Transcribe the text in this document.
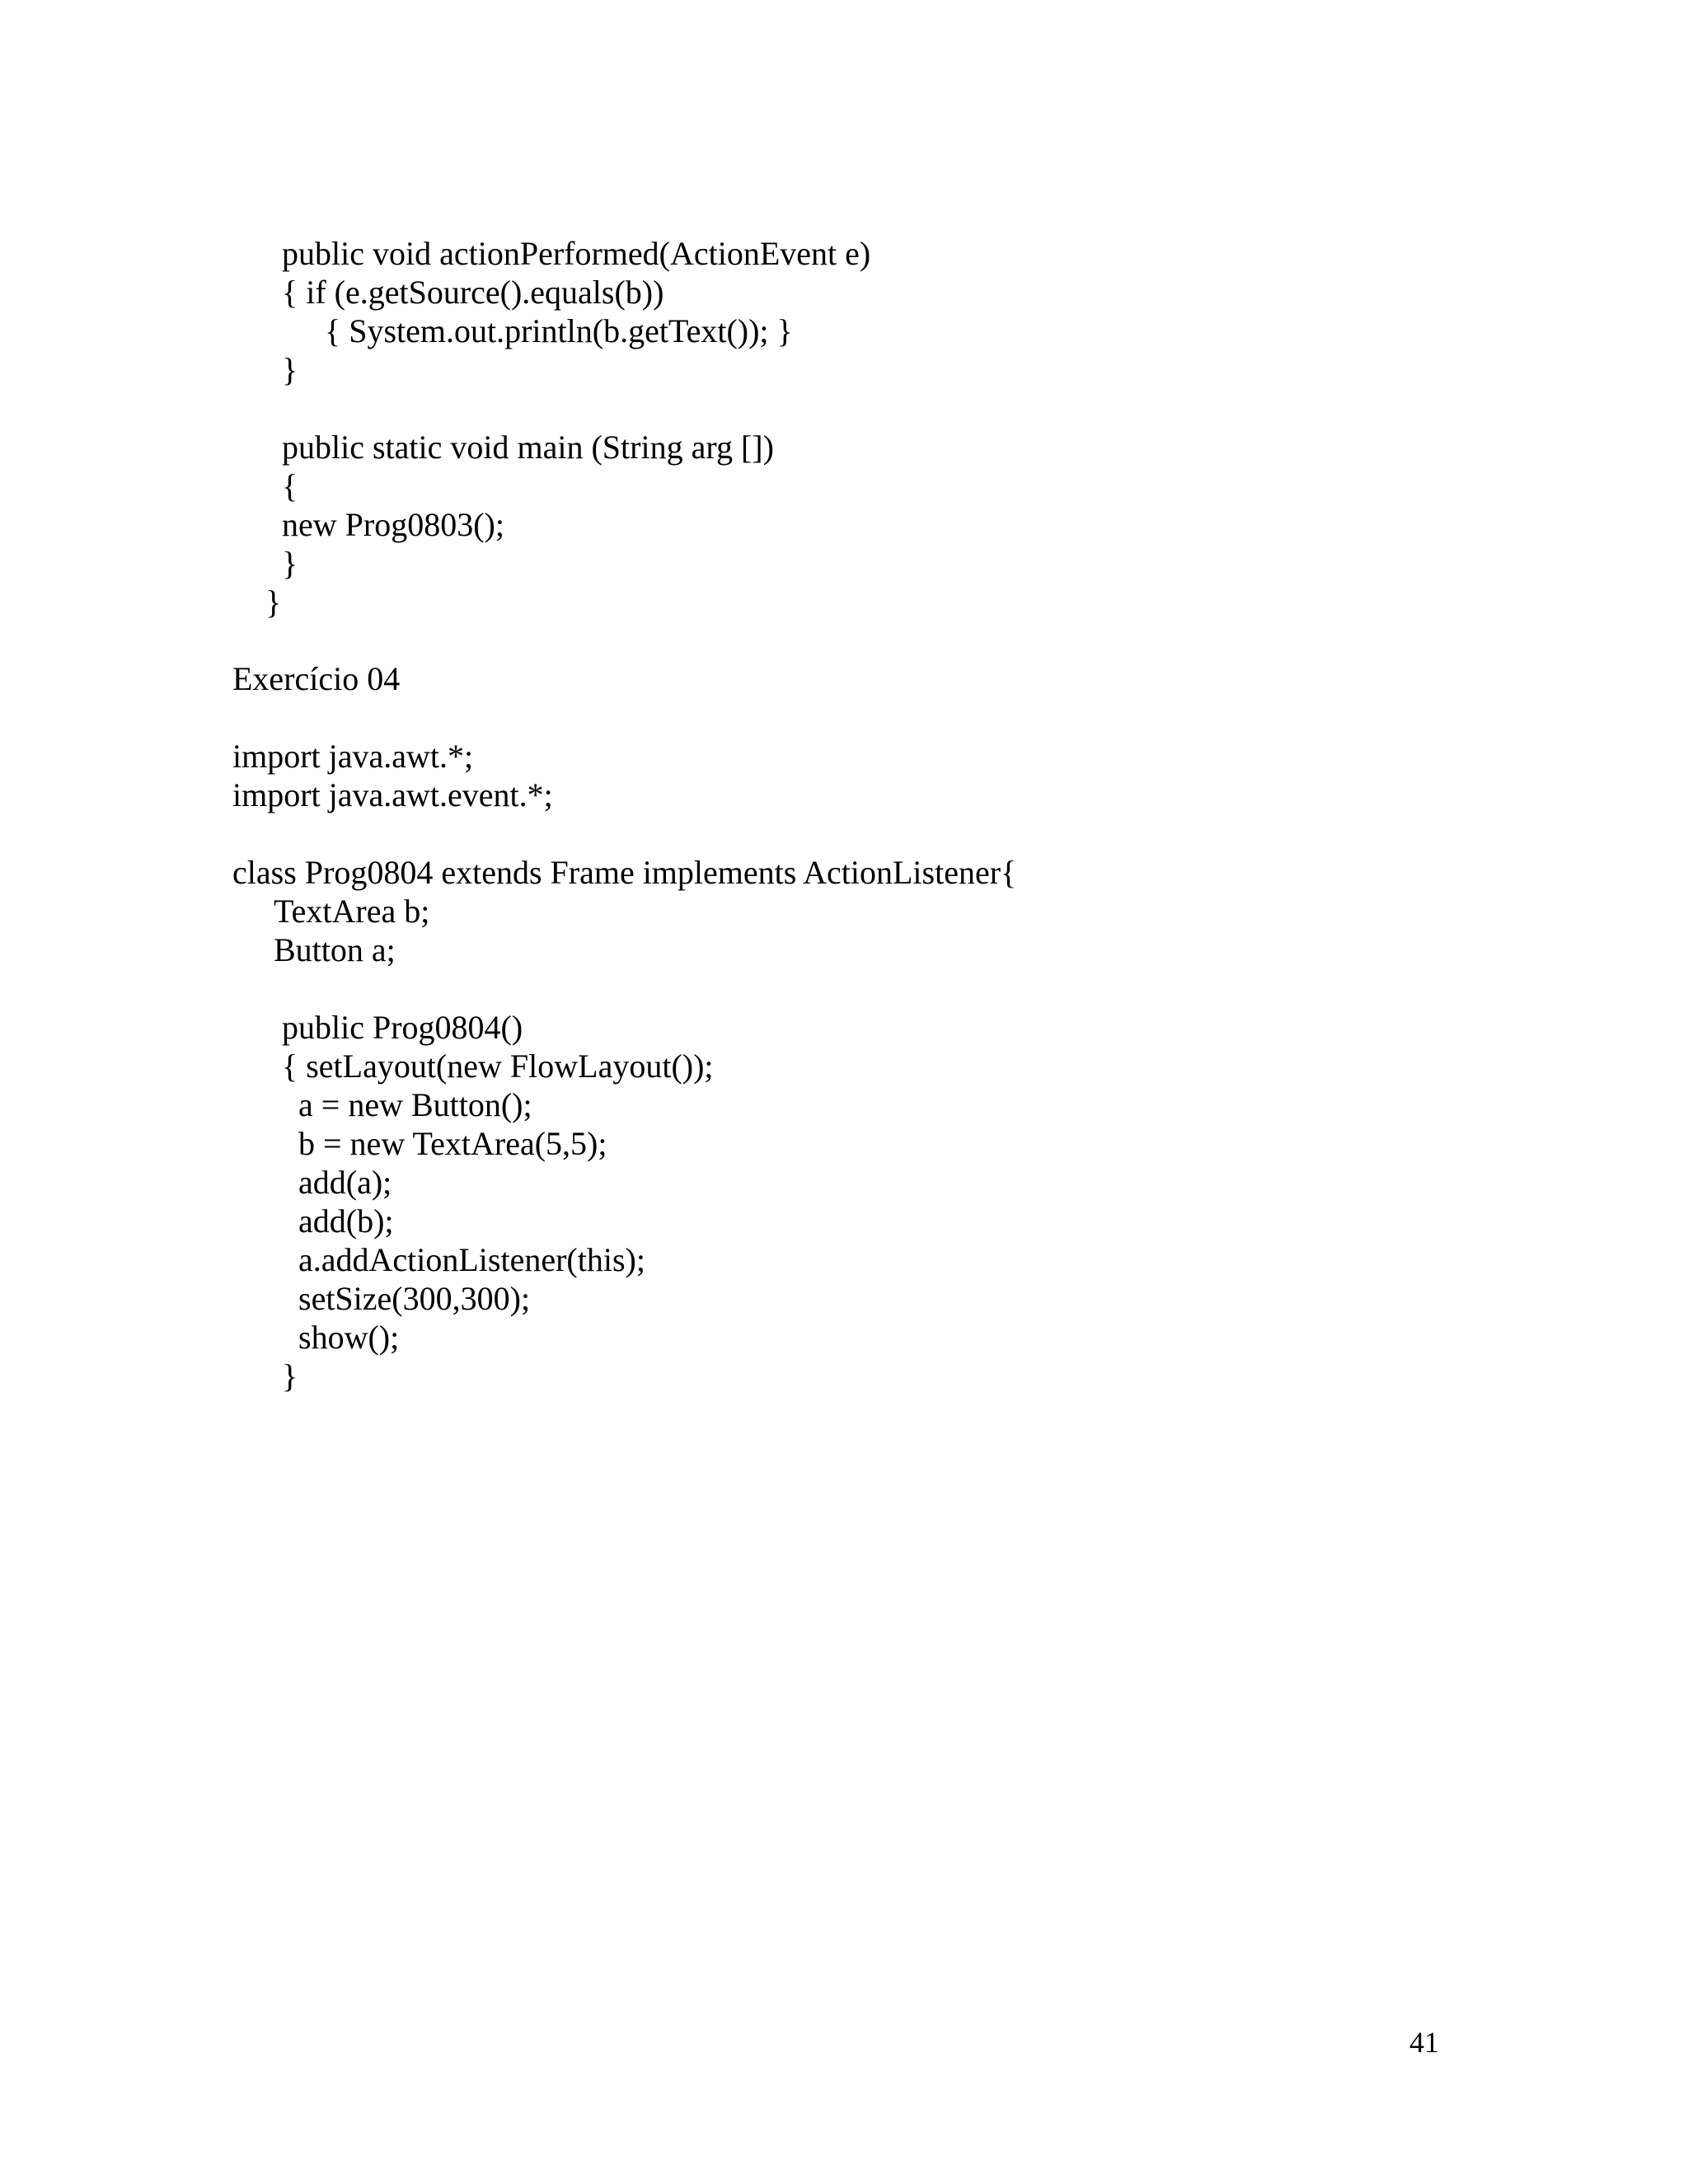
public void actionPerformed(ActionEvent e)

{ if (e.getSource().equals(b))

{ System.out.println(b.getText()); }

}

public static void main (String arg [])

{

new Prog0803();

}

}

Exercício 04

import java.awt.*;

import java.awt.event.*;

class Prog0804 extends Frame implements ActionListener{

TextArea b;

Button a;

public Prog0804()

{ setLayout(new FlowLayout());

a = new Button();

b = new TextArea(5,5);

add(a);

add(b);

a.addActionListener(this);

setSize(300,300);

show();

}

41
